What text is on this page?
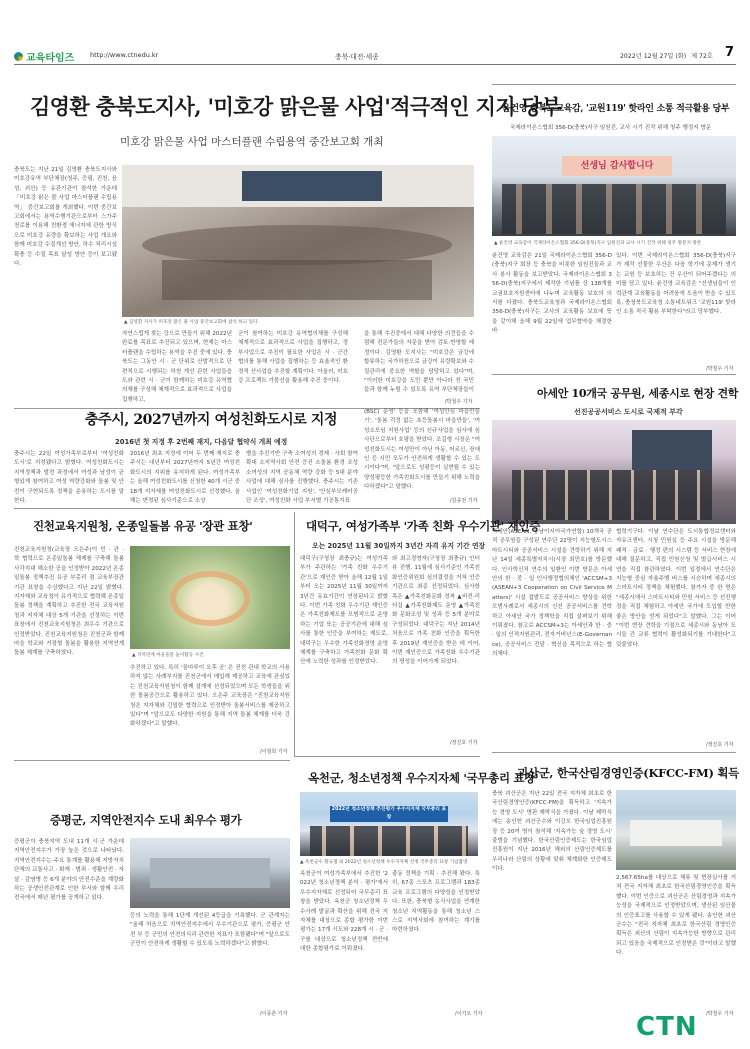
교육타임즈 http://www.ctnedu.kr	충북·대전·세종	2022년 12월 27일 (화) 제 72호 7
김영환 충북도지사, '미호강 맑은물 사업'적극적인 지지 당부
미호강 맑은물 사업 마스터플랜 수립용역 중간보고회 개최
충북도는 지난 21일 김영환 충북도지사와 미호강유역 부단체장(청주, 증평, 진천, 음성, 괴산) 등 유관기관이 참석한 가운데 「미호강 맑은 물 사업 마스터플랜 수립용역」 중간보고회를 개최했다. 이번 중간보고회에서는 용역수행기관으로부터 스가주천로를 이용해 친환경 에너지에 관한 방식으로 미호강 유량을 확보하는 사업 개요와 함께 미호강 수질개선 방안, 하수 처리시설 확충 등 수질 목표 달성 방안 등이 보고됐다.
▲ 김영환 지사가 미호강 맑은 물 사업 중간보고회에 참석 하고 있다.
자연스럽게 찾는 강으로 만들기 위해 2022년 완료를 목표로 추진되고 있으며, 현재는 마스터플랜을 수립하는 용역을 추진 중에 있다. 충북도는 그동안 시 · 군 단위로 산발적으로 단편적으로 시행되는 하천 개선 관련 사업들을 도와 관련 시 · 군이 함께하는 미호강 유역협의체를 구성해 체계적으로 효과적으로 사업을 집행하고,
군이 참여하는 미호강 유역협의체를 구성해 체계적으로 효과적으로 사업을 집행하고, 정부사업으로 추진이 필요한 사업은 시 · 군간 협의를 통해 사업을 집행하는 등 효율적인 환경적 선사업을 추진할 계획이다. 아울러, 미호강 프로젝트 가뭄선을 활용해 추진 중이다.
을 통해 추진중에서 대해 다양한 의견들을 수렴해 전문가들의 자문을 받아 검토·반영할 예정이다. 김영환 도지사는 "미호강은 금강에 합류하는 국가하천으로 금강이 유량확보와 수질관리에 중요한 역할을 담당하고 있다"며, "이러한 미호강을 도민 뿐만 아니라 전 국민들과 함께 누릴 수 있도록 유역 부단체장들이
/박철우 기자
윤건영 충북도교육감, '교원119' 핫라인 소통 적극활용 당부
국제라이온스협회 356-D(충북)지구 임원진, 교사 시기 진작 위해 청주 행정지 방문
선생님 감사합니다
▲ 윤건영 교육감이 국제라이온스협회 356-D(충북)지구 임원진과 교사 시기 진작 위해 청주 방문지 방문
윤건영 교육감은 21일 국제라이온스협회 356-D(충북)지구 회장 등 충북을 비롯한 임원진들과 교사 봉사 활동을 보고받았다. 국제라이온스협회 356-D(충북)지구에서 제작한 기념품 상 138개를 교권보호지원센터에 나누며 교육활동 보호의 의지를 다졌다. 충북도교육청과 국제라이온스협회 356-D(충북)지구는 교사의 교육활동 보호에 뜻을 같이해 올해 9월 22일에 업무협약을 체결한 바
있다. 이번 국제라이온스협회 356-D(충북)지구가 제작 선물한 우산은 다음 학기에 문제가 생기는 교원 등 보호하는 건 우산이 되어주겠다는 의미를 담고 있다. 윤건영 교육감은 "선생님들이 인력관계 교육활동을 어려움에 도움이 받을 수 있도록, 충청북도교육청 소통네트워크 '교원119' 핫라인 소통 적극 활용 부탁한다"라고 당부했다.
/박철우 기자
충주시, 2027년까지 여성친화도시로 지정
2016년 첫 지정 후 2번째 재지, 다음달 협약식 개최 예정
충주시는 22일 여성가족부로부터 '여성친화도시'로 지정됐다고 밝혔다. 여성친화도시는 지역정책과 발전 과정에서 여성과 남성이 균형있게 참여하고 여성 역량강화와 돌봄 및 안전이 구현되도록 정책을 운용하는 도시를 말한다.
2016년 최초 지정에 이어 두 번째 재지로 충주시는 내년부터 2027년까지 5년간 여성친화도시의 지위를 유지하게 된다. 여성가족부는 올해 여성친화도시를 신청한 40개 시군 중 18개 지자체를 여성친화도시로 선정했다. 올해는 변경된 심사기준으로 소상
별을 추진기반 구축 소여성의 경제 · 사회 참여 확대 소지역사회 안전 증진 소돌봄 환경 조성 소여성의 지역 공동체 역량 강화 등 5대 분야 사업에 대해 심사를 진행했다. 충주시는 기존 사업인 '여성친화기업 지원', '안심부모케어공단 조성', 여성친화 사업 부서별 기공통지표
(BSC) 운영' 등을 포함해 '여성안심 마을만들기', '돌봄 걱정 없는 초등돌봄시 마을만들', '여성소모임 지원사업' 등의 신규사업을 심사에 심사단으로부터 호평을 받았다. 조길형 시장은 "여성친화도시는 여성만이 아닌 아동, 어르신, 장애인 등 시민 모두가 안전하게 생활할 수 있는 도시이다"며, "앞으로도 성평등이 실현될 수 있는 양성평등한 가족친화도시를 만들기 위해 노력을 다하겠다"고 말했다.
/김종천 기자
아세안 10개국 공무원, 세종시로 현장 견학
선진공공서비스 도시로 국제적 부각
아세안(ASEAN, 동남아시아국가연합) 10개국 공적 공무원들 구성된 연수단 22명이 지능형도시스마트시티와 공공서비스 시설을 견학하기 위해 지난 14일 세종특별자치시(시장 최민호)를 방문했다. 인사혁신처 연수의 일환인 이번 방문은 아세안의 한 · 중 · 일 인사행정협의체인 'ACCSM+3(ASEAN+3 Cooperation on Civil Service Matters)' 시설 접발도로 공공서비스 향상을 위한 모범사례로서 세종시의 신선 공공서비스를 견학하고 아세안 국가 정책학을 직접 살펴보기 위해 이뤄졌다. 참고로 ACCSM+3는 아세안과 한 · 중 · 일의 인적자원관리, 전자거버넌스(E-Governance), 공공서비스 전달 · 혁신을 목적으로 하는 협의체다.
협력기구다. 이날 연수단은 도시통합정보센터와 자유크센터, 시청 민원실 등 주요 시설을 방문해 쾌적 · 금료 · 행정 편의 시스템 등 서비스 현장에 대해 질문하고, 직접 민원신청 및 발급서비스 시연을 직접 참관하였다. 이번 일정에서 연수단은 지능형 중심 자율주행 버스를 시승하며 세종시의 스마트시티 정책을 체험했다. 참가자 중 한 명은 "세종시에서 스마트시티와 민원 서비스 등 선진행정을 직접 체험하고 아세안 국가에 도입할 만한 좋은 방안을 얻게 되었다"고 말했다. 그는 이어 "이번 현장 견학을 기점으로 세종시와 동남아 도시들 간 교류 협력이 활성화되기를 기대한다"고 덧붙였다.
/정진호 기자
진천교육지원청, 온종일돌봄 유공 '장관 표창'
진천교육지원청(교육장 오은주)이 민 · 관 · 학 협력으로 온종일돌봄 체제를 구축해 돌봄사각지대 해소한 공을 인정받아 2022년 온종일돌봄 정책추진 유공 부총리 겸 교육부장관 기관 표창을 수상했다고 지난 22일 밝혔다. 지자체와 교육청이 유기적으로 협력해 온종일돌봄 정책을 계획하고 추진한 전국 교육지원청과 지자체 대상 5개 기관을 선정하는 이번 표창에서 진천교육지원청은 최우수 기관으로 인정받았다. 진천교육지원청은 진천군과 함께 마을 학교와 거점형 돌봄을 활용한 지역연계 돌봄 체계를 구축하였다.	▲ 지역연계 마을돌봄 놀이활동 사진
추진하고 있다. 특히 '꿈마루이 오후 공' 은 진천 관내 학교의 사용하지 않는 사례부지를 진천군에서 매입해 제공하고 교육에 관심있는 진천교육지원청이 함께 설계에 선정되었으며 모든 학생들을 위한 돌봄공간으로 활용하고 있다. 오은주 교육장은 "진천교육지원청은 지자체와 긴밀한 협력으로 인정받아 돌봄서비스를 제공하고 있다"며 "앞으로도 다양한 지원을 통해 지역 돌봄 체계를 더욱 강화하겠다"고 말했다.
/이철희 기자
대덕구, 여성가족부 '가족 친화 우수기관' 재인증
오는 2025년 11월 30일까지 3년간 자격 유지 기간 연장
대덕구(구청장 최충규)는 여성가족부가 주관하는 '가족 친화 우수기관'으로 재인증 받아 올해 12월 1일부터 오는 2025년 11월 30일까지 3년간 유효기간이 연장된다고 밝혔다. 이번 가족 친화 우수기관 재인증은 가족친화제도를 모범적으로 운영하는 기업 또는 공공기관에 대해 심사를 통한 인증을 부여하는 제도로, 대덕구는 우수한 가족친화경영 운영체계를 구축하고 가족친화 문화 확산에 노력한 성과를 인정받았다.
와 최고경영자(구청장 최충규) 인터뷰 진행, 11월에 심사기준인 가족친화인증위원회 심의결정을 거쳐 인증기관으로 최종 선정되었다. 심사항목은 ▲가족친화문화 정착 ▲비전·리더십 ▲가족친화제도 운영 ▲가족친화 문화조성 및 성과 등 5개 분야로 구성되었다. 대덕구는 지난 2014년 처음으로 가족 친화 인증을 획득한 후 2019년 재인증을 받은 데 이어, 이번 재인증으로 가족친화 우수기관의 명성을 이어가게 되었다.
/정진호 기자
옥천군, 청소년정책 우수지자체 '국무총리 표창'
2022년 청소년정책 추진평가 우수지자체 국무총리 표창
▲ 옥천군수 황규철 외 2022년 청소년정책 우수지자체 선정 국무총리 표창 기념촬영
옥천군이 여성가족부에서 추진한 '2022년 청소년정책 분석 · 평가'에서 우수지자체로 선정되어 국무총리 표창을 받았다. 옥천군 청소년정책 우수사례 발굴과 확산을 위해 전국 지자체를 대상으로 종합 평가한 이번 평가는 17개 시도와 228개 시 · 군 · 구를 대상으로 청소년정책 전반에 대한 종합평가로 이뤄졌다.
출동 정책을 기획 · 추진해 왔다. 특히, 67종 스포츠 프로그램과 183종 교육 프로그램의 다양성을 인정받았다. 또한, 충북형 농식사업을 연계한 청소년 지역활동을 통해 청소년 스스로 지역사회에 참여하는 계기를 마련하였다.
/이기오 기자
증평군, 지역안전지수 도내 최우수 평가
증평군이 충북지역 도내 11개 시·군 가운데 지역안전지수가 가장 높은 것으로 나타났다. 지역안전지수는 주요 통계를 활용해 지방자치단체의 교통사고 · 화재 · 범죄 · 생활안전 · 자살 · 감염병 등 6개 분야의 안전수준을 계량화하는 공생안전관계로 인한 부서와 함께 우리 전국에서 매년 평가를 공개하고 있다.
등의 노력을 통해 1단계 개선된 4등급을 기록했다. 군 관계자는 "올해 처음으로 지역안전지수에서 우수기관으로 평가, 증평군 안전 부 등 군민의 안전의식과 관련한 지표가 포함됐다"며 "앞으로도 군민이 안전하게 생활할 수 있도록 노력하겠다"고 밝혔다.
/이종흔 기자
괴산군, 한국산림경영인증(KFCC-FM) 획득
충북 괴산군은 지난 22일 전국 지자체 최초로 한국산림경영인증(KFCC-FM)을 획득하고 '지속가능 경영 도시' 명판 제막식을 가졌다. 이날 제막식에는 송인헌 괴산군수와 이강오 한국임업진흥원장 등 20여 명이 참석해 '지속가능 숲 경영 도시' 출범을 기념했다. 한국산림인증제도는 한국임업진흥원이 지난 2016년 해외의 산림인증제도를 우리나라 산림의 상황에 맞춰 체계화한 인증제도이다.
2,567.65ha를 대상으로 체류 및 현장실사를 거쳐 전국 지자체 최초로 한국산림경영인증을 획득했다. 이번 인증으로 괴산군은 산림경영과 지속가능성을 국제적으로 인정받았으며, 생산된 임산물의 인증표고를 사용할 수 있게 됐다. 송인헌 괴산군수는 "전국 지자체 최초로 한국산림 경영인증 획득은 괴산의 산림이 지속가능한 방향으로 관리되고 있음을 국제적으로 인정받은 것"이라고 말했다.
/박철우 기자
CTN
